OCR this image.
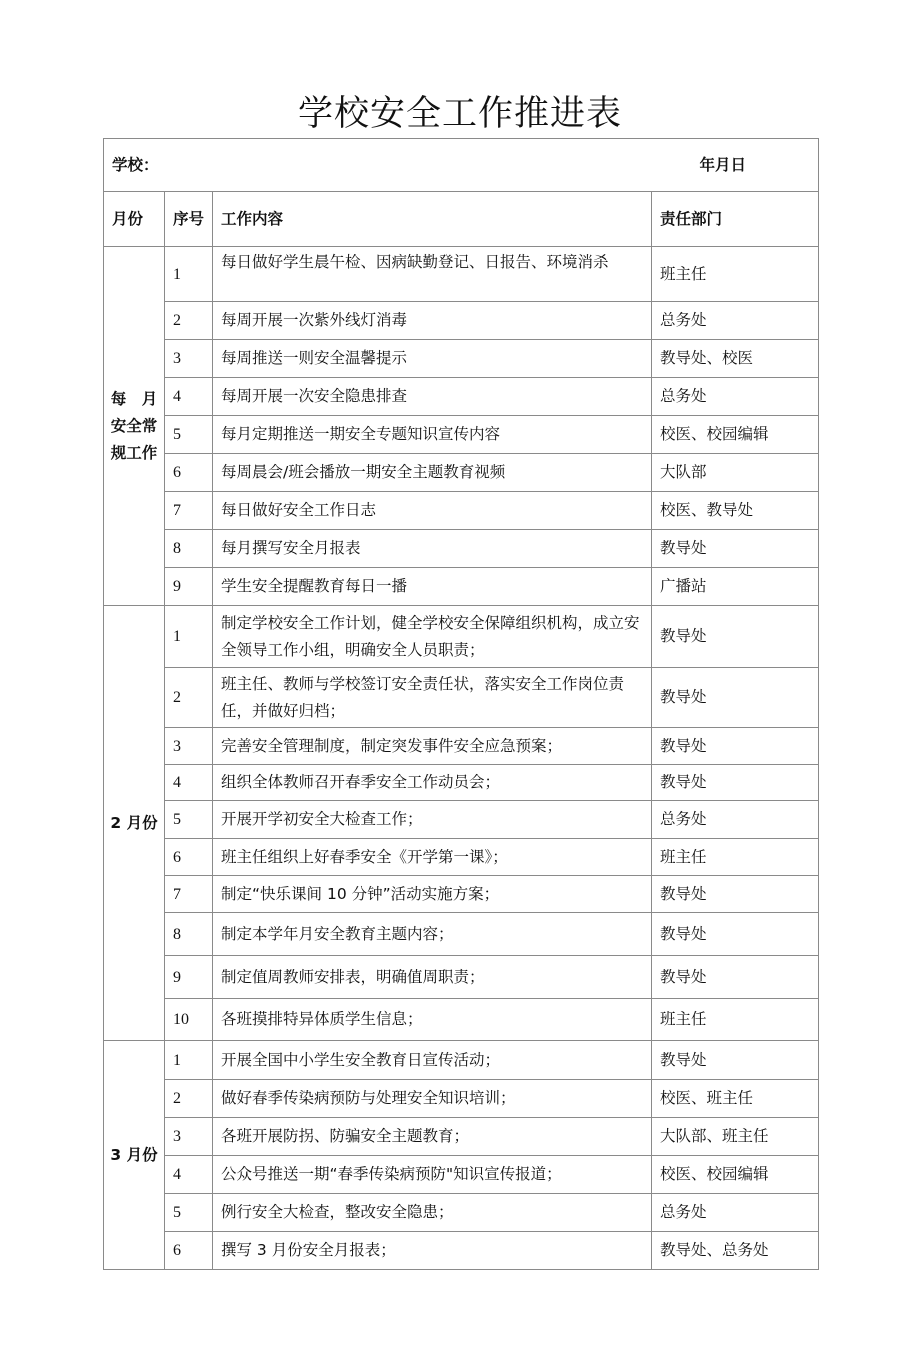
学校安全工作推进表
学校： 年月日			

月份	序号	工作内容	责任部门
每　月安全常规工作	1	每日做好学生晨午检、因病缺勤登记、日报告、环境消杀	班主任
	2	每周开展一次紫外线灯消毒	总务处
	3	每周推送一则安全温馨提示	教导处、校医
	4	每周开展一次安全隐患排查	总务处
	5	每月定期推送一期安全专题知识宣传内容	校医、校园编辑
	6	每周晨会/班会播放一期安全主题教育视频	大队部
	7	每日做好安全工作日志	校医、教导处
	8	每月撰写安全月报表	教导处
	9	学生安全提醒教育每日一播	广播站
2 月份	1	制定学校安全工作计划，健全学校安全保障组织机构，成立安全领导工作小组，明确安全人员职责；	教导处
	2	班主任、教师与学校签订安全责任状，落实安全工作岗位责任，并做好归档；	教导处
	3	完善安全管理制度，制定突发事件安全应急预案；	教导处
	4	组织全体教师召开春季安全工作动员会；	教导处
	5	开展开学初安全大检查工作；	总务处
	6	班主任组织上好春季安全《开学第一课》；	班主任
	7	制定“快乐课间 10 分钟”活动实施方案；	教导处
	8	制定本学年月安全教育主题内容；	教导处
	9	制定值周教师安排表，明确值周职责；	教导处
	10	各班摸排特异体质学生信息；	班主任
3 月份	1	开展全国中小学生安全教育日宣传活动；	教导处
	2	做好春季传染病预防与处理安全知识培训；	校医、班主任
	3	各班开展防拐、防骗安全主题教育；	大队部、班主任
	4	公众号推送一期“春季传染病预防"知识宣传报道；	校医、校园编辑
	5	例行安全大检查，整改安全隐患；	总务处
	6	撰写 3 月份安全月报表；	教导处、总务处
